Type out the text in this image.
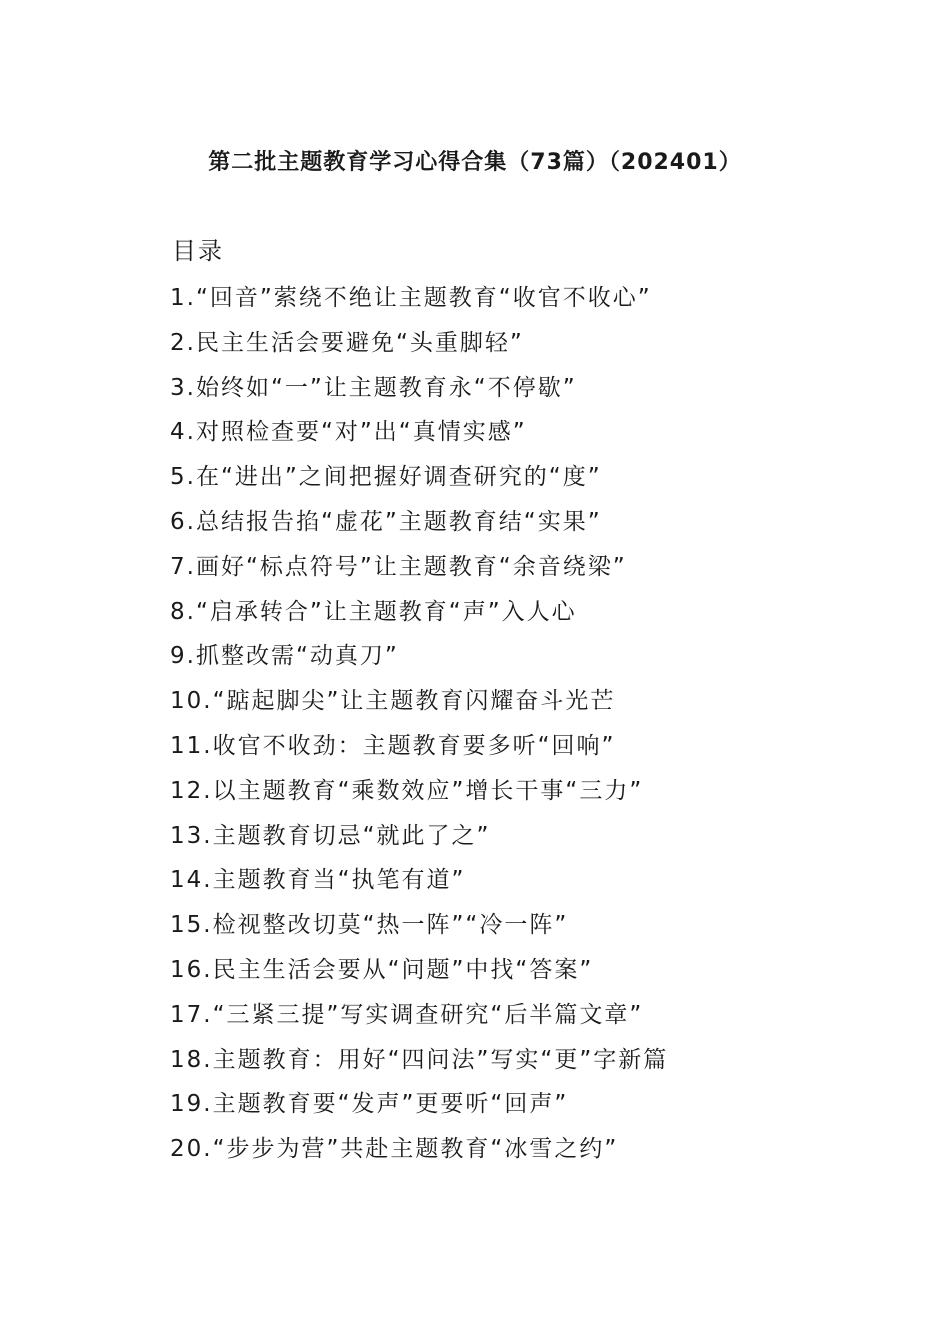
第二批主题教育学习心得合集（73篇）（202401）
目录
1.“回音”萦绕不绝让主题教育“收官不收心”
2.民主生活会要避免“头重脚轻”
3.始终如“一”让主题教育永“不停歇”
4.对照检查要“对”出“真情实感”
5.在“进出”之间把握好调查研究的“度”
6.总结报告掐“虚花”主题教育结“实果”
7.画好“标点符号”让主题教育“余音绕梁”
8.“启承转合”让主题教育“声”入人心
9.抓整改需“动真刀”
10.“踮起脚尖”让主题教育闪耀奋斗光芒
11.收官不收劲：主题教育要多听“回响”
12.以主题教育“乘数效应”增长干事“三力”
13.主题教育切忌“就此了之”
14.主题教育当“执笔有道”
15.检视整改切莫“热一阵”“冷一阵”
16.民主生活会要从“问题”中找“答案”
17.“三紧三提”写实调查研究“后半篇文章”
18.主题教育：用好“四问法”写实“更”字新篇
19.主题教育要“发声”更要听“回声”
20.“步步为营”共赴主题教育“冰雪之约”
